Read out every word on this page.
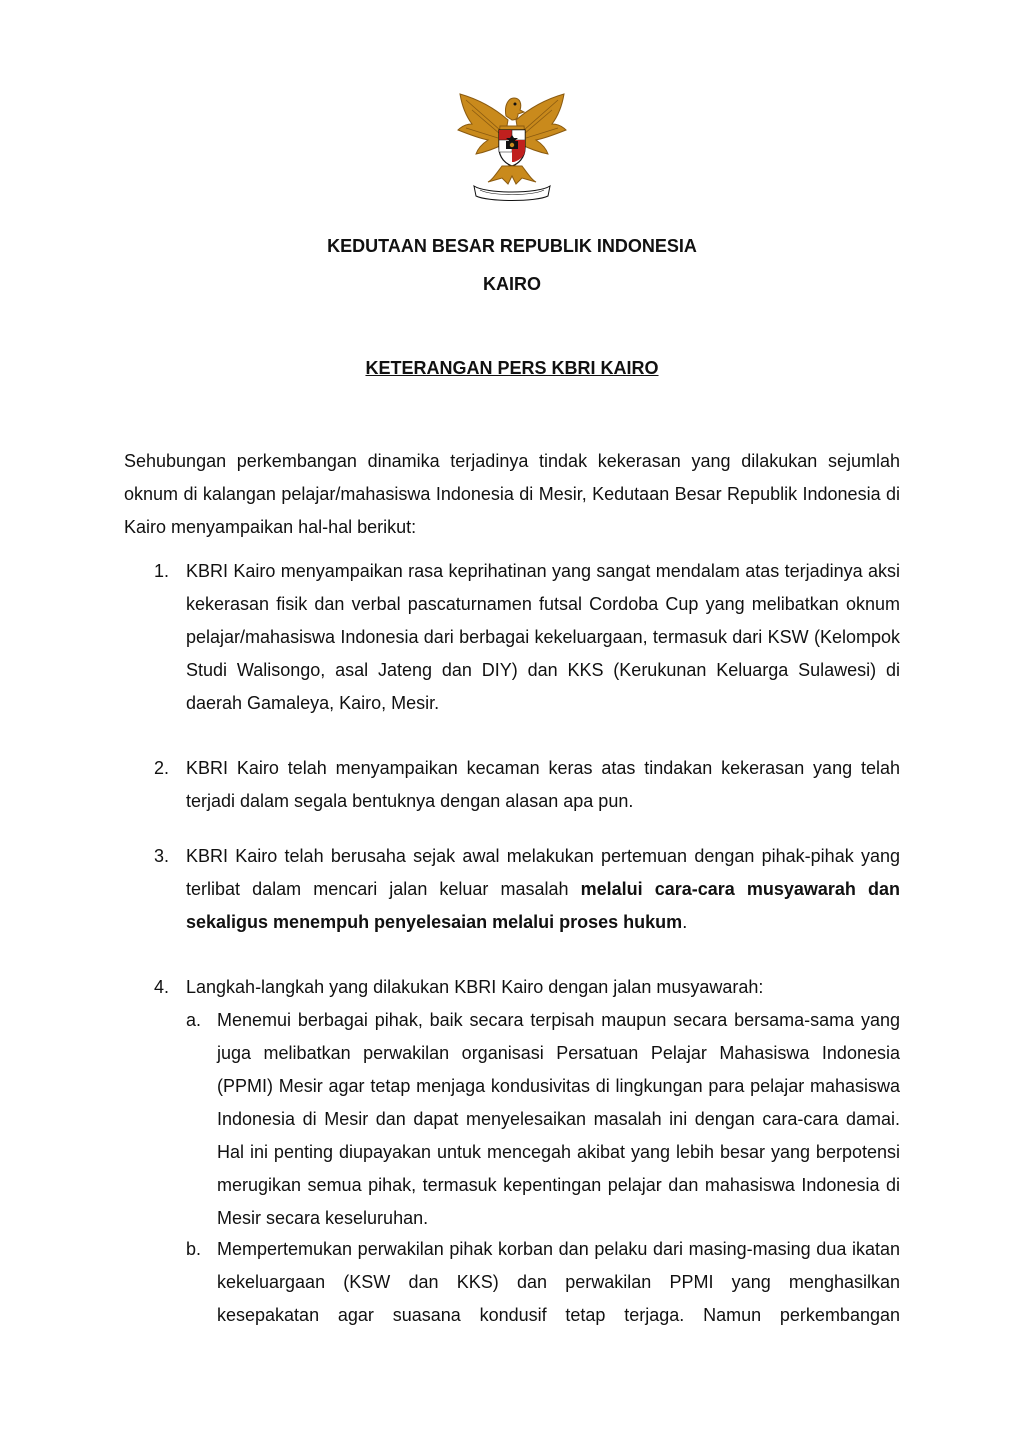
KEDUTAAN BESAR REPUBLIK INDONESIA
KAIRO
KETERANGAN PERS KBRI KAIRO
Sehubungan perkembangan dinamika terjadinya tindak kekerasan yang dilakukan sejumlah oknum di kalangan pelajar/mahasiswa Indonesia di Mesir, Kedutaan Besar Republik Indonesia di Kairo menyampaikan hal-hal berikut:
1. KBRI Kairo menyampaikan rasa keprihatinan yang sangat mendalam atas terjadinya aksi kekerasan fisik dan verbal pascaturnamen futsal Cordoba Cup yang melibatkan oknum pelajar/mahasiswa Indonesia dari berbagai kekeluargaan, termasuk dari KSW (Kelompok Studi Walisongo, asal Jateng dan DIY) dan KKS (Kerukunan Keluarga Sulawesi) di daerah Gamaleya, Kairo, Mesir.
2. KBRI Kairo telah menyampaikan kecaman keras atas tindakan kekerasan yang telah terjadi dalam segala bentuknya dengan alasan apa pun.
3. KBRI Kairo telah berusaha sejak awal melakukan pertemuan dengan pihak-pihak yang terlibat dalam mencari jalan keluar masalah melalui cara-cara musyawarah dan sekaligus menempuh penyelesaian melalui proses hukum.
4. Langkah-langkah yang dilakukan KBRI Kairo dengan jalan musyawarah:
a. Menemui berbagai pihak, baik secara terpisah maupun secara bersama-sama yang juga melibatkan perwakilan organisasi Persatuan Pelajar Mahasiswa Indonesia (PPMI) Mesir agar tetap menjaga kondusivitas di lingkungan para pelajar mahasiswa Indonesia di Mesir dan dapat menyelesaikan masalah ini dengan cara-cara damai. Hal ini penting diupayakan untuk mencegah akibat yang lebih besar yang berpotensi merugikan semua pihak, termasuk kepentingan pelajar dan mahasiswa Indonesia di Mesir secara keseluruhan.
b. Mempertemukan perwakilan pihak korban dan pelaku dari masing-masing dua ikatan kekeluargaan (KSW dan KKS) dan perwakilan PPMI yang menghasilkan kesepakatan agar suasana kondusif tetap terjaga. Namun perkembangan
